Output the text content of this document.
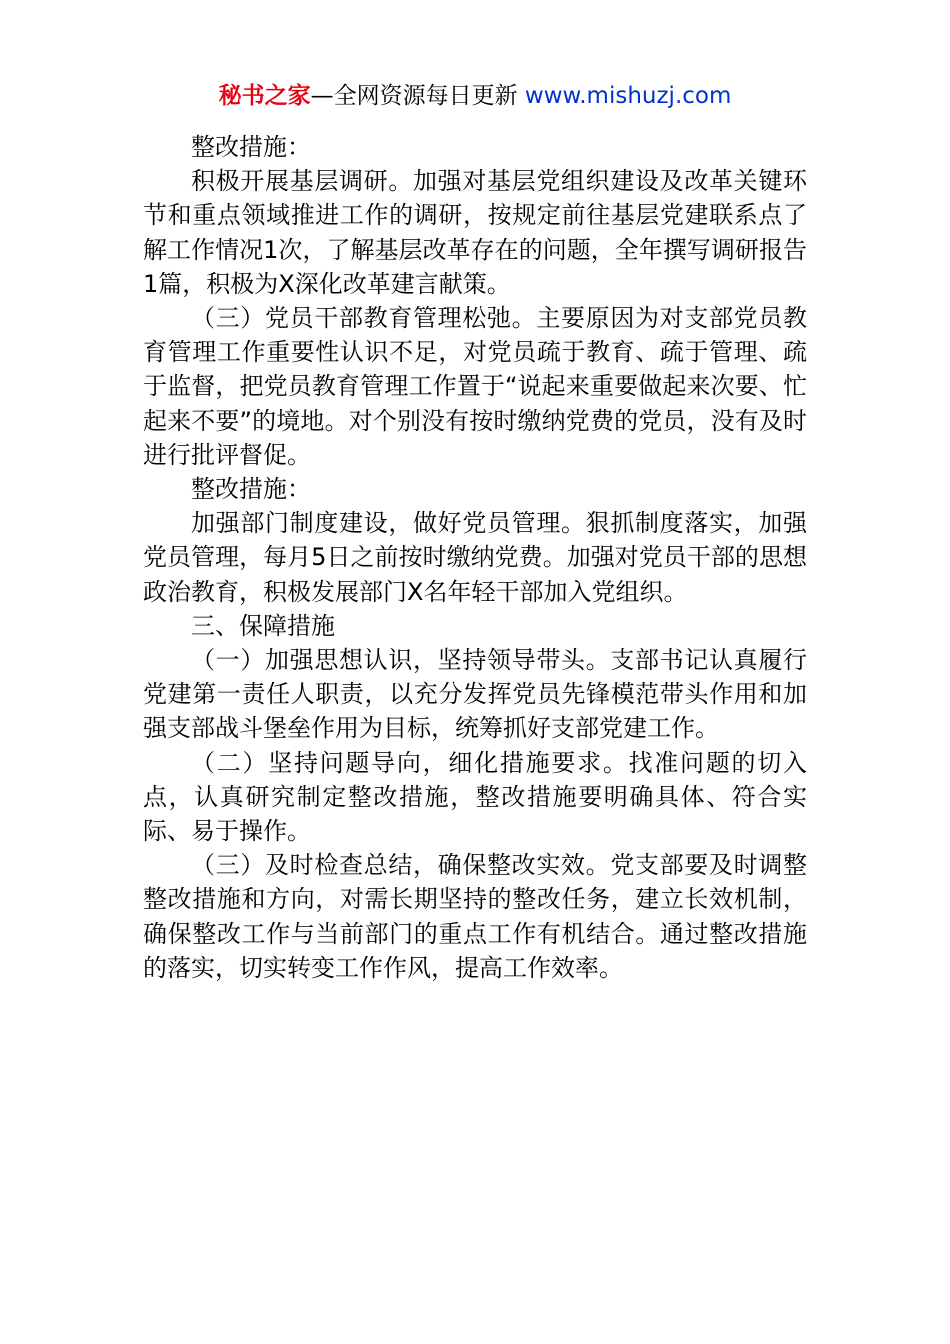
秘书之家—全网资源每日更新 www.mishuzj.com

整改措施：

积极开展基层调研。加强对基层党组织建设及改革关键环节和重点领域推进工作的调研，按规定前往基层党建联系点了解工作情况1次，了解基层改革存在的问题，全年撰写调研报告1篇，积极为X深化改革建言献策。

（三）党员干部教育管理松弛。主要原因为对支部党员教育管理工作重要性认识不足，对党员疏于教育、疏于管理、疏于监督，把党员教育管理工作置于“说起来重要做起来次要、忙起来不要”的境地。对个别没有按时缴纳党费的党员，没有及时进行批评督促。

整改措施：

加强部门制度建设，做好党员管理。狠抓制度落实，加强党员管理，每月5日之前按时缴纳党费。加强对党员干部的思想政治教育，积极发展部门X名年轻干部加入党组织。

三、保障措施

（一）加强思想认识，坚持领导带头。支部书记认真履行党建第一责任人职责，以充分发挥党员先锋模范带头作用和加强支部战斗堡垒作用为目标，统筹抓好支部党建工作。

（二）坚持问题导向，细化措施要求。找准问题的切入点，认真研究制定整改措施，整改措施要明确具体、符合实际、易于操作。

（三）及时检查总结，确保整改实效。党支部要及时调整整改措施和方向，对需长期坚持的整改任务，建立长效机制，确保整改工作与当前部门的重点工作有机结合。通过整改措施的落实，切实转变工作作风，提高工作效率。
